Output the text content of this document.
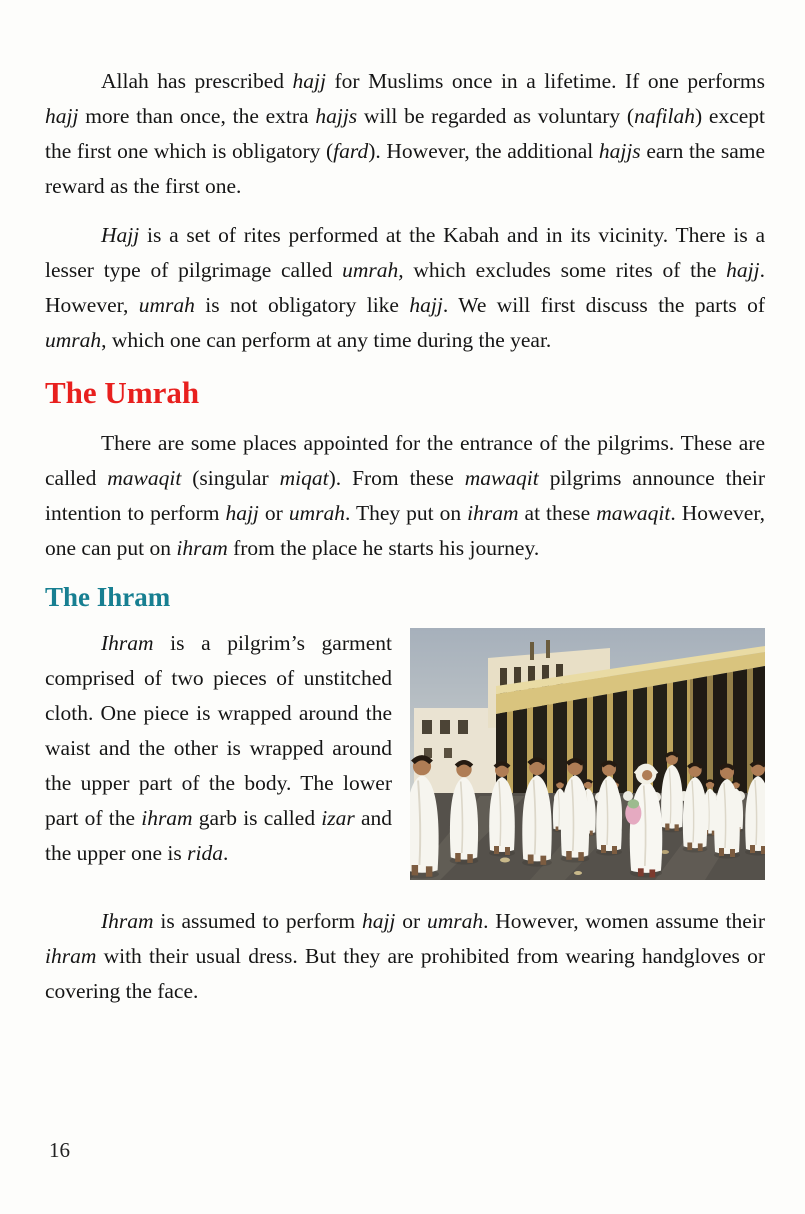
Allah has prescribed hajj for Muslims once in a lifetime. If one performs hajj more than once, the extra hajjs will be regarded as voluntary (nafilah) except the first one which is obligatory (fard). However, the additional hajjs earn the same reward as the first one.

Hajj is a set of rites performed at the Kabah and in its vicinity. There is a lesser type of pilgrimage called umrah, which excludes some rites of the hajj. However, umrah is not obligatory like hajj. We will first discuss the parts of umrah, which one can perform at any time during the year.

The Umrah

There are some places appointed for the entrance of the pilgrims. These are called mawaqit (singular miqat). From these mawaqit pilgrims announce their intention to perform hajj or umrah. They put on ihram at these mawaqit. However, one can put on ihram from the place he starts his journey.

The Ihram

Ihram is a pilgrim’s garment comprised of two pieces of unstitched cloth. One piece is wrapped around the waist and the other is wrapped around the upper part of the body. The lower part of the ihram garb is called izar and the upper one is rida.

Ihram is assumed to perform hajj or umrah. However, women assume their ihram with their usual dress. But they are prohibited from wearing handgloves or covering the face.

16
